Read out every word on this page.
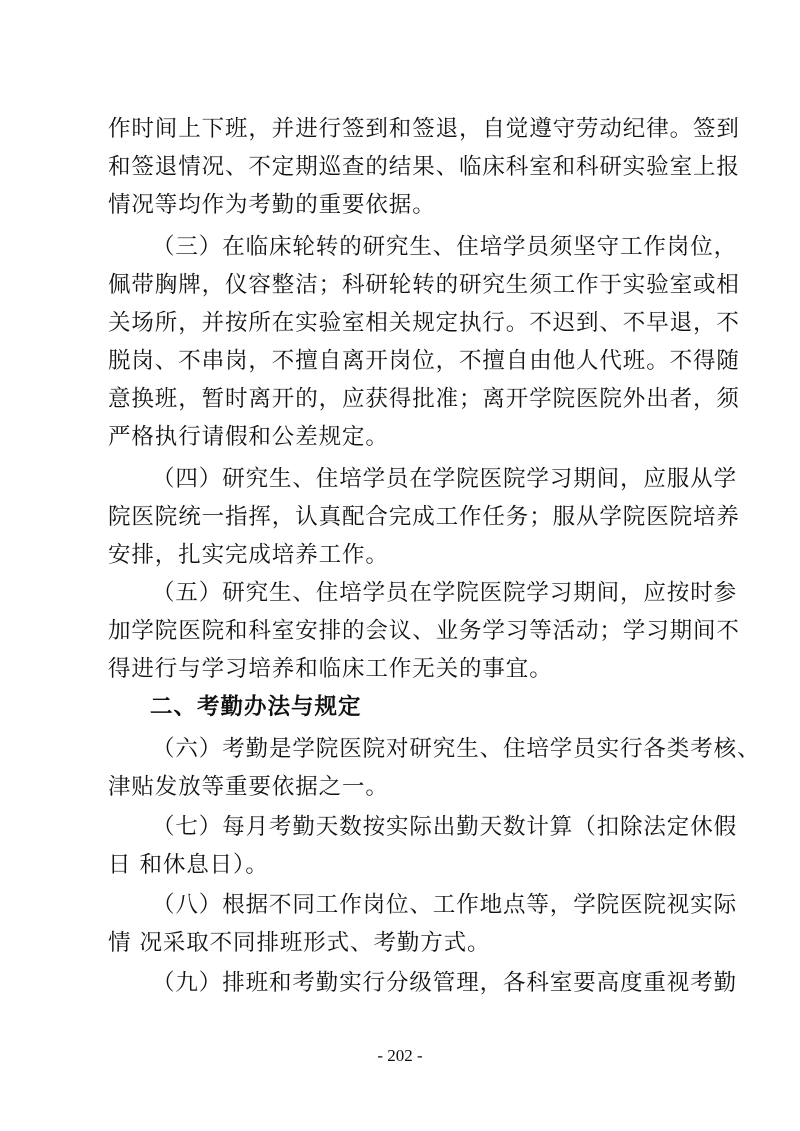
作时间上下班，并进行签到和签退，自觉遵守劳动纪律。签到
和签退情况、不定期巡查的结果、临床科室和科研实验室上报
情况等均作为考勤的重要依据。
（三）在临床轮转的研究生、住培学员须坚守工作岗位，
佩带胸牌，仪容整洁；科研轮转的研究生须工作于实验室或相
关场所，并按所在实验室相关规定执行。不迟到、不早退，不
脱岗、不串岗，不擅自离开岗位，不擅自由他人代班。不得随
意换班，暂时离开的，应获得批准；离开学院医院外出者，须
严格执行请假和公差规定。
（四）研究生、住培学员在学院医院学习期间，应服从学
院医院统一指挥，认真配合完成工作任务；服从学院医院培养
安排，扎实完成培养工作。
（五）研究生、住培学员在学院医院学习期间，应按时参
加学院医院和科室安排的会议、业务学习等活动；学习期间不
得进行与学习培养和临床工作无关的事宜。
二、考勤办法与规定
（六）考勤是学院医院对研究生、住培学员实行各类考核、
津贴发放等重要依据之一。
（七）每月考勤天数按实际出勤天数计算（扣除法定休假
日 和休息日）。
（八）根据不同工作岗位、工作地点等，学院医院视实际
情 况采取不同排班形式、考勤方式。
（九）排班和考勤实行分级管理，各科室要高度重视考勤
- 202 -
